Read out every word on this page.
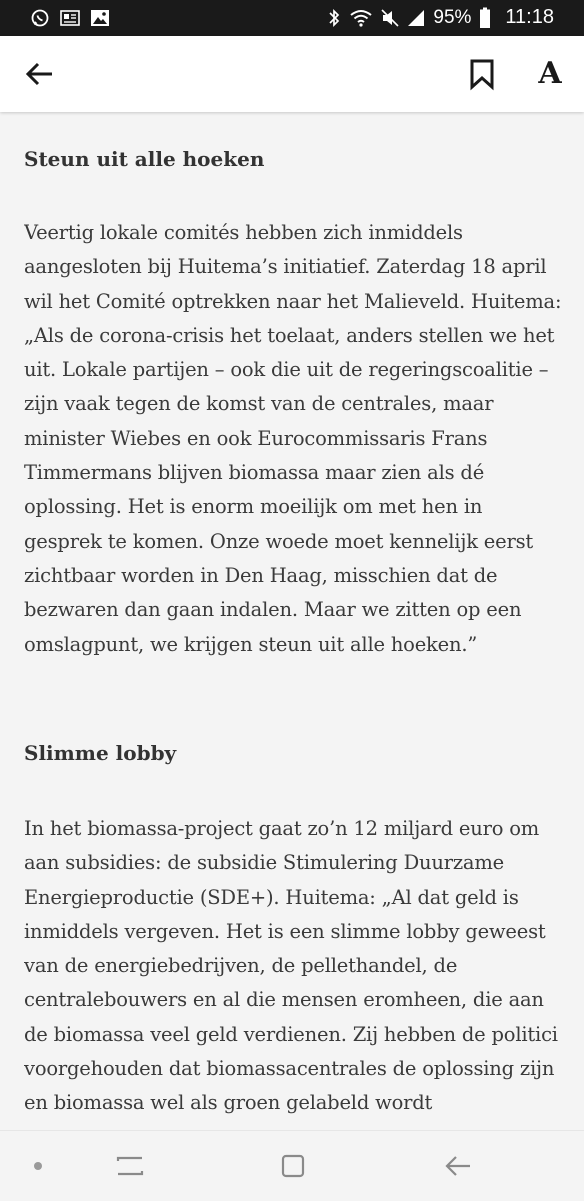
95% 11:18
A
Steun uit alle hoeken

Veertig lokale comités hebben zich inmiddels aangesloten bij Huitema’s initiatief. Zaterdag 18 april wil het Comité optrekken naar het Malieveld. Huitema: „Als de corona-crisis het toelaat, anders stellen we het uit. Lokale partijen – ook die uit de regeringscoalitie – zijn vaak tegen de komst van de centrales, maar minister Wiebes en ook Eurocommissaris Frans Timmermans blijven biomassa maar zien als dé oplossing. Het is enorm moeilijk om met hen in gesprek te komen. Onze woede moet kennelijk eerst zichtbaar worden in Den Haag, misschien dat de bezwaren dan gaan indalen. Maar we zitten op een omslagpunt, we krijgen steun uit alle hoeken.”

Slimme lobby

In het biomassa-project gaat zo’n 12 miljard euro om aan subsidies: de subsidie Stimulering Duurzame Energieproductie (SDE+). Huitema: „Al dat geld is inmiddels vergeven. Het is een slimme lobby geweest van de energiebedrijven, de pellethandel, de centralebouwers en al die mensen eromheen, die aan de biomassa veel geld verdienen. Zij hebben de politici voorgehouden dat biomassacentrales de oplossing zijn en biomassa wel als groen gelabeld wordt
